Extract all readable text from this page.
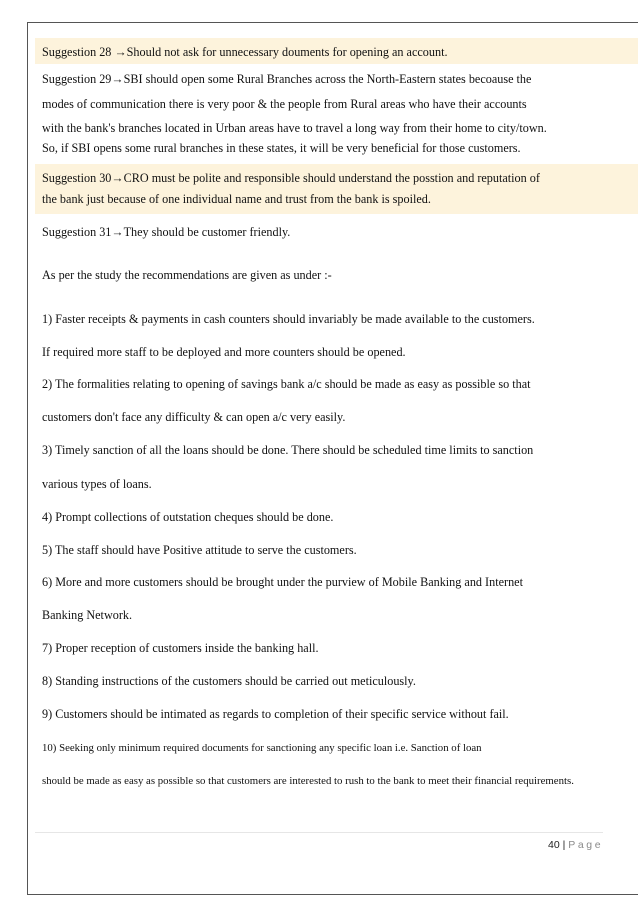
Suggestion 28 →Should not ask for unnecessary douments for opening an account.
Suggestion 29→SBI should open some Rural Branches across the North-Eastern states becoause the
modes of communication there is very poor & the people from Rural areas who have their accounts
with the bank's branches located in Urban areas have to travel a long way from their home to city/town.
So, if SBI opens some rural branches in these states, it will be very beneficial for those customers.
Suggestion 30→CRO must be polite and responsible should understand the posstion and reputation of
the bank just because of one individual name and trust from the bank is spoiled.
Suggestion 31→They should be customer friendly.
As per the study the recommendations are given as under :-
1) Faster receipts & payments in cash counters should invariably be made available to the customers.
If required more staff to be deployed and more counters should be opened.
2) The formalities relating to opening of savings bank a/c should be made as easy as possible so that
customers don't face any difficulty & can open a/c very easily.
3) Timely sanction of all the loans should be done. There should be scheduled time limits to sanction
various types of loans.
4) Prompt collections of outstation cheques should be done.
5) The staff should have Positive attitude to serve the customers.
6) More and more customers should be brought under the purview of Mobile Banking and Internet
Banking Network.
7) Proper reception of customers inside the banking hall.
8) Standing instructions of the customers should be carried out meticulously.
9) Customers should be intimated as regards to completion of their specific service without fail.
10) Seeking only minimum required documents for sanctioning any specific loan i.e. Sanction of loan
should be made as easy as possible so that customers are interested to rush to the bank to meet their financial requirements.
40 | Page
